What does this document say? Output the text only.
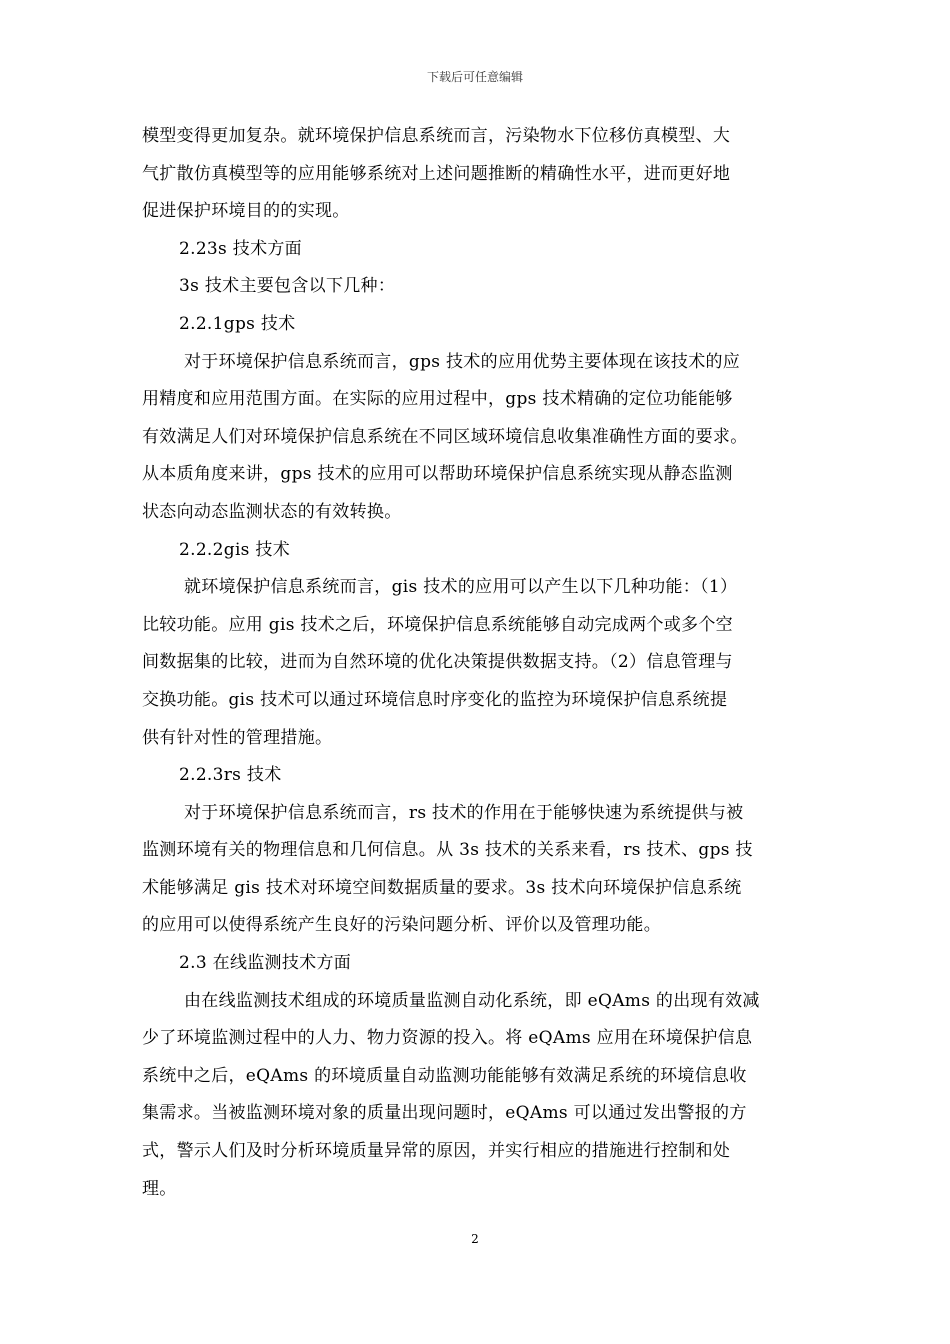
下载后可任意编辑
模型变得更加复杂。就环境保护信息系统而言，污染物水下位移仿真模型、大
气扩散仿真模型等的应用能够系统对上述问题推断的精确性水平，进而更好地
促进保护环境目的的实现。
2.23s 技术方面
3s 技术主要包含以下几种：
2.2.1gps 技术
对于环境保护信息系统而言，gps 技术的应用优势主要体现在该技术的应
用精度和应用范围方面。在实际的应用过程中，gps 技术精确的定位功能能够
有效满足人们对环境保护信息系统在不同区域环境信息收集准确性方面的要求。
从本质角度来讲，gps 技术的应用可以帮助环境保护信息系统实现从静态监测
状态向动态监测状态的有效转换。
2.2.2gis 技术
就环境保护信息系统而言，gis 技术的应用可以产生以下几种功能：（1）
比较功能。应用 gis 技术之后，环境保护信息系统能够自动完成两个或多个空
间数据集的比较，进而为自然环境的优化决策提供数据支持。（2）信息管理与
交换功能。gis 技术可以通过环境信息时序变化的监控为环境保护信息系统提
供有针对性的管理措施。
2.2.3rs 技术
对于环境保护信息系统而言，rs 技术的作用在于能够快速为系统提供与被
监测环境有关的物理信息和几何信息。从 3s 技术的关系来看，rs 技术、gps 技
术能够满足 gis 技术对环境空间数据质量的要求。3s 技术向环境保护信息系统
的应用可以使得系统产生良好的污染问题分析、评价以及管理功能。
2.3 在线监测技术方面
由在线监测技术组成的环境质量监测自动化系统，即 eQAms 的出现有效减
少了环境监测过程中的人力、物力资源的投入。将 eQAms 应用在环境保护信息
系统中之后，eQAms 的环境质量自动监测功能能够有效满足系统的环境信息收
集需求。当被监测环境对象的质量出现问题时，eQAms 可以通过发出警报的方
式，警示人们及时分析环境质量异常的原因，并实行相应的措施进行控制和处
理。
2
